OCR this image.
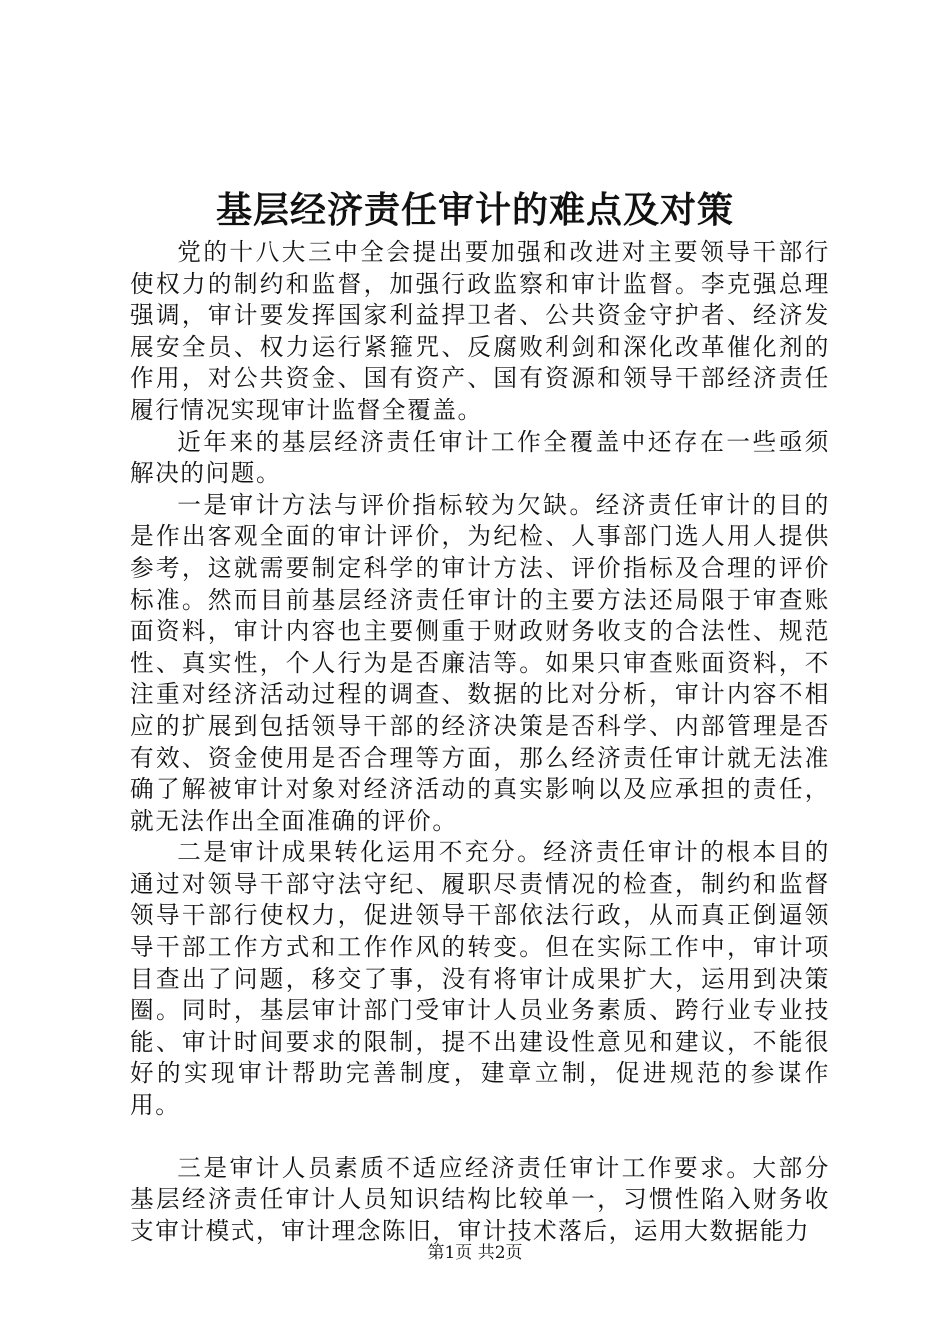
基层经济责任审计的难点及对策

党的十八大三中全会提出要加强和改进对主要领导干部行使权力的制约和监督，加强行政监察和审计监督。李克强总理强调，审计要发挥国家利益捍卫者、公共资金守护者、经济发展安全员、权力运行紧箍咒、反腐败利剑和深化改革催化剂的作用，对公共资金、国有资产、国有资源和领导干部经济责任履行情况实现审计监督全覆盖。

近年来的基层经济责任审计工作全覆盖中还存在一些亟须解决的问题。

一是审计方法与评价指标较为欠缺。经济责任审计的目的是作出客观全面的审计评价，为纪检、人事部门选人用人提供参考，这就需要制定科学的审计方法、评价指标及合理的评价标准。然而目前基层经济责任审计的主要方法还局限于审查账面资料，审计内容也主要侧重于财政财务收支的合法性、规范性、真实性，个人行为是否廉洁等。如果只审查账面资料，不注重对经济活动过程的调查、数据的比对分析，审计内容不相应的扩展到包括领导干部的经济决策是否科学、内部管理是否有效、资金使用是否合理等方面，那么经济责任审计就无法准确了解被审计对象对经济活动的真实影响以及应承担的责任，就无法作出全面准确的评价。

二是审计成果转化运用不充分。经济责任审计的根本目的通过对领导干部守法守纪、履职尽责情况的检查，制约和监督领导干部行使权力，促进领导干部依法行政，从而真正倒逼领导干部工作方式和工作作风的转变。但在实际工作中，审计项目查出了问题，移交了事，没有将审计成果扩大，运用到决策圈。同时，基层审计部门受审计人员业务素质、跨行业专业技能、审计时间要求的限制，提不出建设性意见和建议，不能很好的实现审计帮助完善制度，建章立制，促进规范的参谋作用。

三是审计人员素质不适应经济责任审计工作要求。大部分基层经济责任审计人员知识结构比较单一，习惯性陷入财务收支审计模式，审计理念陈旧，审计技术落后，运用大数据能力

第1页 共2页
